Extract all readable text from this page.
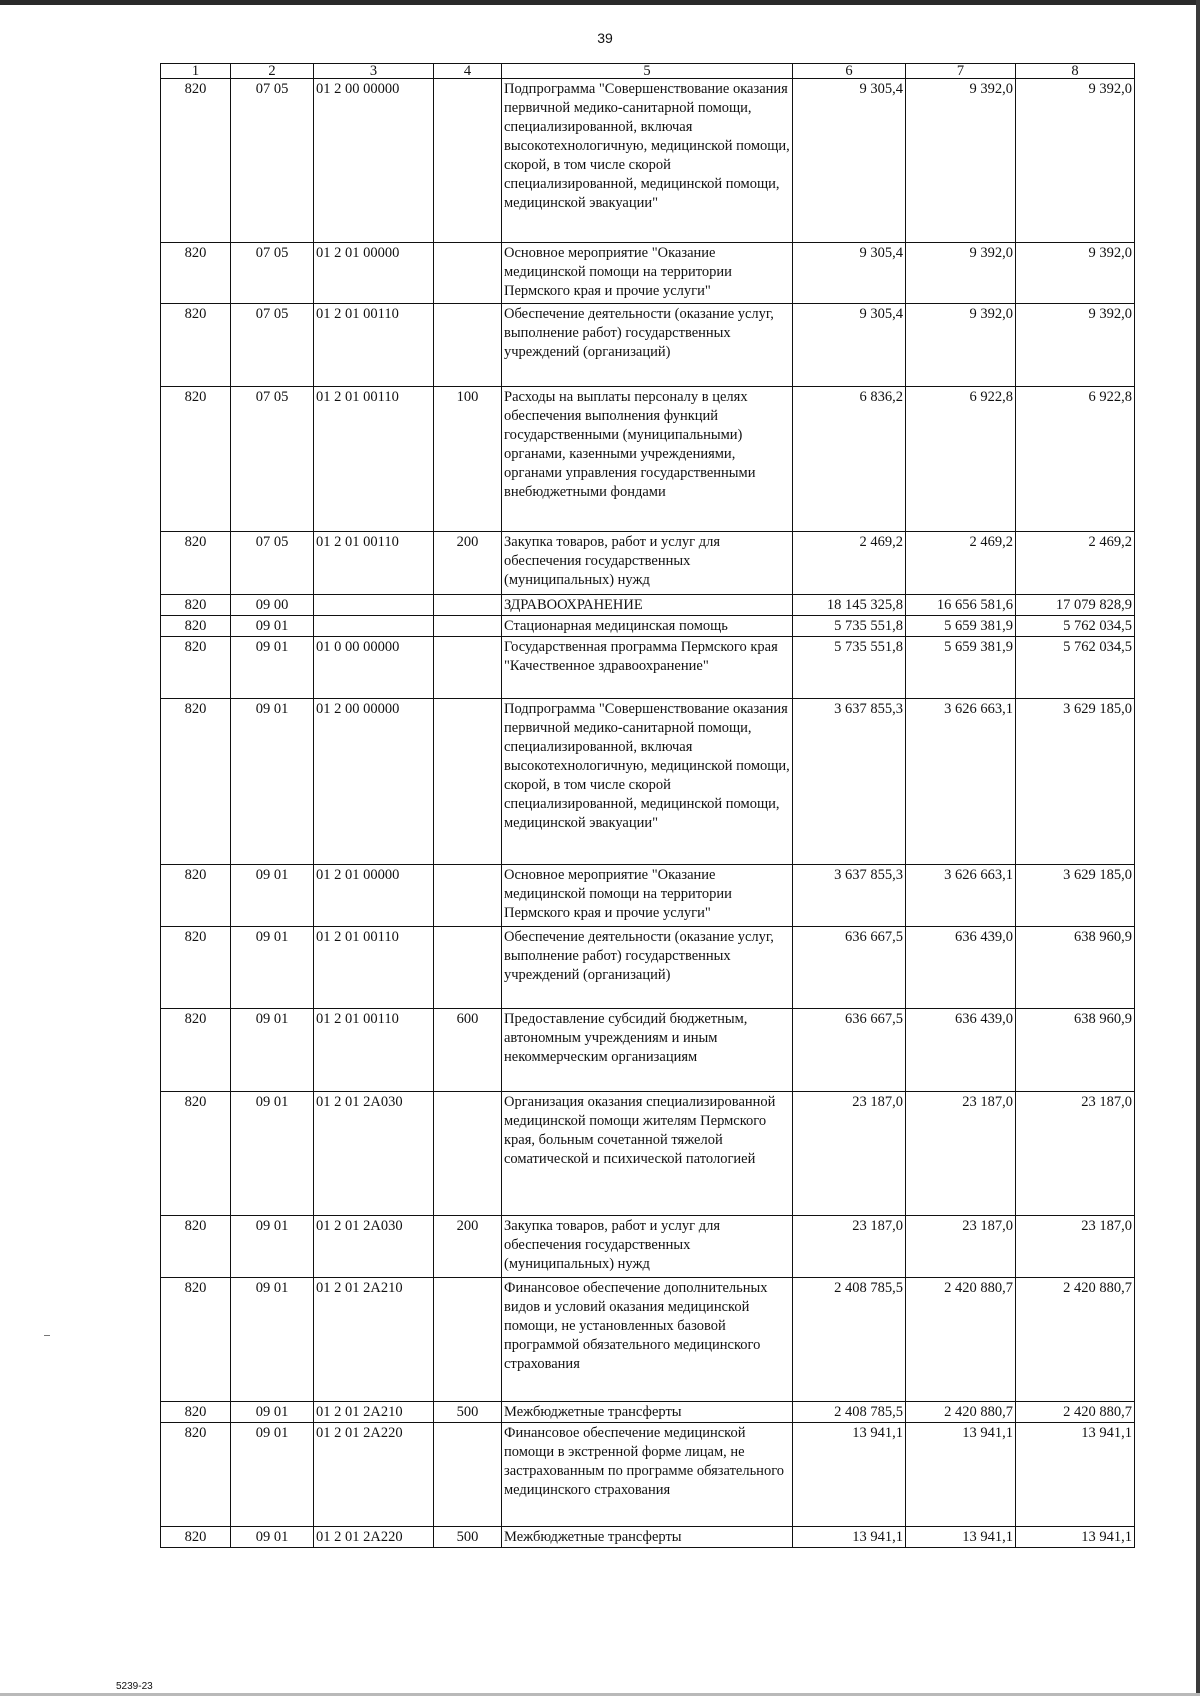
39
1	2	3	4	5	6	7	8
820	07 05	01 2 00 00000		Подпрограмма "Совершенствование оказания первичной медико-санитарной помощи, специализированной, включая высокотехнологичную, медицинской помощи, скорой, в том числе скорой специализированной, медицинской помощи, медицинской эвакуации"	9 305,4	9 392,0	9 392,0
820	07 05	01 2 01 00000		Основное мероприятие "Оказание медицинской помощи на территории Пермского края и прочие услуги"	9 305,4	9 392,0	9 392,0
820	07 05	01 2 01 00110		Обеспечение деятельности (оказание услуг, выполнение работ) государственных учреждений (организаций)	9 305,4	9 392,0	9 392,0
820	07 05	01 2 01 00110	100	Расходы на выплаты персоналу в целях обеспечения выполнения функций государственными (муниципальными) органами, казенными учреждениями, органами управления государственными внебюджетными фондами	6 836,2	6 922,8	6 922,8
820	07 05	01 2 01 00110	200	Закупка товаров, работ и услуг для обеспечения государственных (муниципальных) нужд	2 469,2	2 469,2	2 469,2
820	09 00			ЗДРАВООХРАНЕНИЕ	18 145 325,8	16 656 581,6	17 079 828,9
820	09 01			Стационарная медицинская помощь	5 735 551,8	5 659 381,9	5 762 034,5
820	09 01	01 0 00 00000		Государственная программа Пермского края "Качественное здравоохранение"	5 735 551,8	5 659 381,9	5 762 034,5
820	09 01	01 2 00 00000		Подпрограмма "Совершенствование оказания первичной медико-санитарной помощи, специализированной, включая высокотехнологичную, медицинской помощи, скорой, в том числе скорой специализированной, медицинской помощи, медицинской эвакуации"	3 637 855,3	3 626 663,1	3 629 185,0
820	09 01	01 2 01 00000		Основное мероприятие "Оказание медицинской помощи на территории Пермского края и прочие услуги"	3 637 855,3	3 626 663,1	3 629 185,0
820	09 01	01 2 01 00110		Обеспечение деятельности (оказание услуг, выполнение работ) государственных учреждений (организаций)	636 667,5	636 439,0	638 960,9
820	09 01	01 2 01 00110	600	Предоставление субсидий бюджетным, автономным учреждениям и иным некоммерческим организациям	636 667,5	636 439,0	638 960,9
820	09 01	01 2 01 2А030		Организация оказания специализированной медицинской помощи жителям Пермского края, больным сочетанной тяжелой соматической и психической патологией	23 187,0	23 187,0	23 187,0
820	09 01	01 2 01 2А030	200	Закупка товаров, работ и услуг для обеспечения государственных (муниципальных) нужд	23 187,0	23 187,0	23 187,0
820	09 01	01 2 01 2А210		Финансовое обеспечение дополнительных видов и условий оказания медицинской помощи, не установленных базовой программой обязательного медицинского страхования	2 408 785,5	2 420 880,7	2 420 880,7
820	09 01	01 2 01 2А210	500	Межбюджетные трансферты	2 408 785,5	2 420 880,7	2 420 880,7
820	09 01	01 2 01 2А220		Финансовое обеспечение медицинской помощи в экстренной форме лицам, не застрахованным по программе обязательного медицинского страхования	13 941,1	13 941,1	13 941,1
820	09 01	01 2 01 2А220	500	Межбюджетные трансферты	13 941,1	13 941,1	13 941,1
5239-23
